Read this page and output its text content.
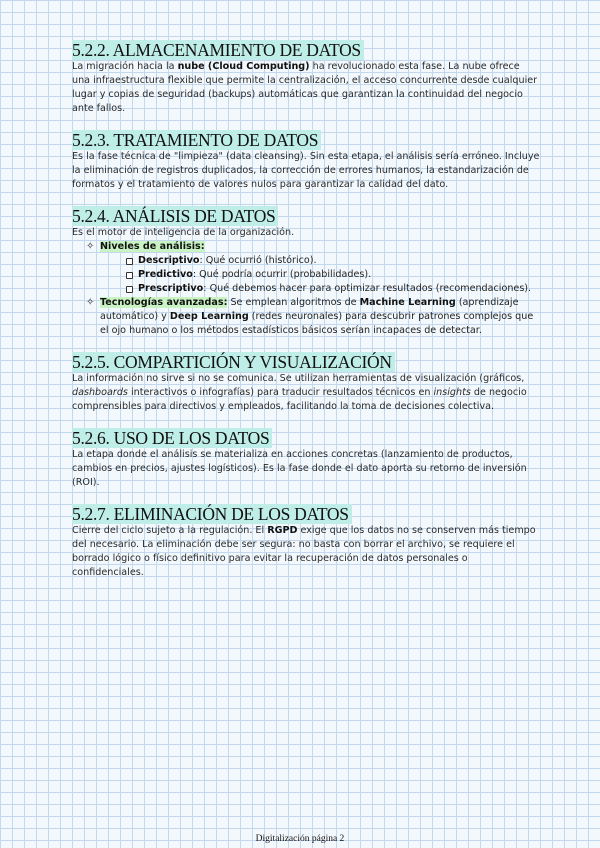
5.2.2. ALMACENAMIENTO DE DATOS

La migración hacia la nube (Cloud Computing) ha revolucionado esta fase. La nube ofrece una infraestructura flexible que permite la centralización, el acceso concurrente desde cualquier lugar y copias de seguridad (backups) automáticas que garantizan la continuidad del negocio ante fallos.

5.2.3. TRATAMIENTO DE DATOS

Es la fase técnica de "limpieza" (data cleansing). Sin esta etapa, el análisis sería erróneo. Incluye la eliminación de registros duplicados, la corrección de errores humanos, la estandarización de formatos y el tratamiento de valores nulos para garantizar la calidad del dato.

5.2.4. ANÁLISIS DE DATOS

Es el motor de inteligencia de la organización.

✧ Niveles de análisis:
Descriptivo: Qué ocurrió (histórico).
Predictivo: Qué podría ocurrir (probabilidades).
Prescriptivo: Qué debemos hacer para optimizar resultados (recomendaciones).
✧ Tecnologías avanzadas: Se emplean algoritmos de Machine Learning (aprendizaje automático) y Deep Learning (redes neuronales) para descubrir patrones complejos que el ojo humano o los métodos estadísticos básicos serían incapaces de detectar.
5.2.5. COMPARTICIÓN Y VISUALIZACIÓN

La información no sirve si no se comunica. Se utilizan herramientas de visualización (gráficos, dashboards interactivos o infografías) para traducir resultados técnicos en insights de negocio comprensibles para directivos y empleados, facilitando la toma de decisiones colectiva.

5.2.6. USO DE LOS DATOS

La etapa donde el análisis se materializa en acciones concretas (lanzamiento de productos, cambios en precios, ajustes logísticos). Es la fase donde el dato aporta su retorno de inversión (ROI).

5.2.7. ELIMINACIÓN DE LOS DATOS

Cierre del ciclo sujeto a la regulación. El RGPD exige que los datos no se conserven más tiempo del necesario. La eliminación debe ser segura: no basta con borrar el archivo, se requiere el borrado lógico o físico definitivo para evitar la recuperación de datos personales o confidenciales.

Digitalización página 2
